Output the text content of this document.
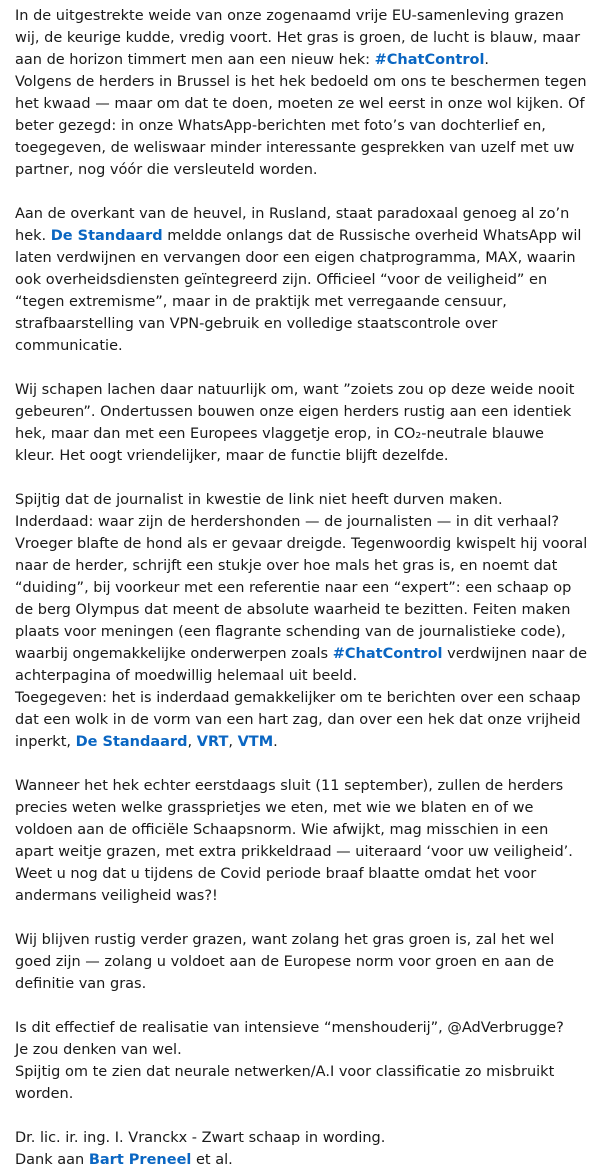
In de uitgestrekte weide van onze zogenaamd vrije EU-samenleving grazen wij, de keurige kudde, vredig voort. Het gras is groen, de lucht is blauw, maar aan de horizon timmert men aan een nieuw hek: #ChatControl.

Volgens de herders in Brussel is het hek bedoeld om ons te beschermen tegen het kwaad — maar om dat te doen, moeten ze wel eerst in onze wol kijken. Of beter gezegd: in onze WhatsApp-berichten met foto’s van dochterlief en, toegegeven, de weliswaar minder interessante gesprekken van uzelf met uw partner, nog vóór die versleuteld worden.

Aan de overkant van de heuvel, in Rusland, staat paradoxaal genoeg al zo’n hek. De Standaard meldde onlangs dat de Russische overheid WhatsApp wil laten verdwijnen en vervangen door een eigen chatprogramma, MAX, waarin ook overheidsdiensten geïntegreerd zijn. Officieel “voor de veiligheid” en “tegen extremisme”, maar in de praktijk met verregaande censuur, strafbaarstelling van VPN-gebruik en volledige staatscontrole over communicatie.

Wij schapen lachen daar natuurlijk om, want ”zoiets zou op deze weide nooit gebeuren”. Ondertussen bouwen onze eigen herders rustig aan een identiek hek, maar dan met een Europees vlaggetje erop, in CO₂-neutrale blauwe kleur. Het oogt vriendelijker, maar de functie blijft dezelfde.

Spijtig dat de journalist in kwestie de link niet heeft durven maken.

Inderdaad: waar zijn de herdershonden — de journalisten — in dit verhaal? Vroeger blafte de hond als er gevaar dreigde. Tegenwoordig kwispelt hij vooral naar de herder, schrijft een stukje over hoe mals het gras is, en noemt dat “duiding”, bij voorkeur met een referentie naar een “expert”: een schaap op de berg Olympus dat meent de absolute waarheid te bezitten. Feiten maken plaats voor meningen (een flagrante schending van de journalistieke code), waarbij ongemakkelijke onderwerpen zoals #ChatControl verdwijnen naar de achterpagina of moedwillig helemaal uit beeld.

Toegegeven: het is inderdaad gemakkelijker om te berichten over een schaap dat een wolk in de vorm van een hart zag, dan over een hek dat onze vrijheid inperkt, De Standaard, VRT, VTM.

Wanneer het hek echter eerstdaags sluit (11 september), zullen de herders precies weten welke grassprietjes we eten, met wie we blaten en of we voldoen aan de officiële Schaapsnorm. Wie afwijkt, mag misschien in een apart weitje grazen, met extra prikkeldraad — uiteraard ‘voor uw veiligheid’. Weet u nog dat u tijdens de Covid periode braaf blaatte omdat het voor andermans veiligheid was?!

Wij blijven rustig verder grazen, want zolang het gras groen is, zal het wel goed zijn — zolang u voldoet aan de Europese norm voor groen en aan de definitie van gras.

Is dit effectief de realisatie van intensieve “menshouderij”, @AdVerbrugge?

Je zou denken van wel.

Spijtig om te zien dat neurale netwerken/A.I voor classificatie zo misbruikt worden.

Dr. lic. ir. ing. I. Vranckx - Zwart schaap in wording.

Dank aan Bart Preneel et al.
